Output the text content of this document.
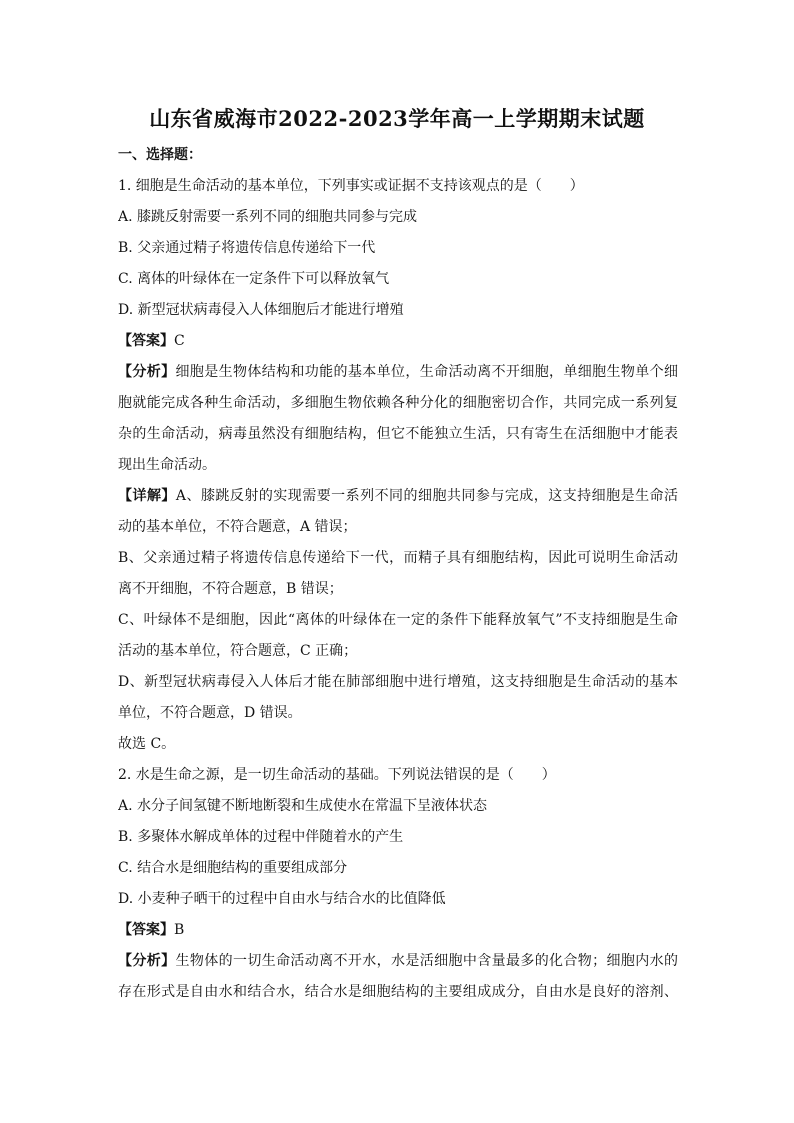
山东省威海市2022-2023学年高一上学期期末试题
一、选择题：
1. 细胞是生命活动的基本单位，下列事实或证据不支持该观点的是（　　）
A. 膝跳反射需要一系列不同的细胞共同参与完成
B. 父亲通过精子将遗传信息传递给下一代
C. 离体的叶绿体在一定条件下可以释放氧气
D. 新型冠状病毒侵入人体细胞后才能进行增殖
【答案】C
【分析】细胞是生物体结构和功能的基本单位，生命活动离不开细胞，单细胞生物单个细
胞就能完成各种生命活动，多细胞生物依赖各种分化的细胞密切合作，共同完成一系列复
杂的生命活动，病毒虽然没有细胞结构，但它不能独立生活，只有寄生在活细胞中才能表
现出生命活动。
【详解】A、膝跳反射的实现需要一系列不同的细胞共同参与完成，这支持细胞是生命活
动的基本单位，不符合题意，A 错误；
B、父亲通过精子将遗传信息传递给下一代，而精子具有细胞结构，因此可说明生命活动
离不开细胞，不符合题意，B 错误；
C、叶绿体不是细胞，因此“离体的叶绿体在一定的条件下能释放氧气”不支持细胞是生命
活动的基本单位，符合题意，C 正确；
D、新型冠状病毒侵入人体后才能在肺部细胞中进行增殖，这支持细胞是生命活动的基本
单位，不符合题意，D 错误。
故选 C。
2. 水是生命之源，是一切生命活动的基础。下列说法错误的是（　　）
A. 水分子间氢键不断地断裂和生成使水在常温下呈液体状态
B. 多聚体水解成单体的过程中伴随着水的产生
C. 结合水是细胞结构的重要组成部分
D. 小麦种子晒干的过程中自由水与结合水的比值降低
【答案】B
【分析】生物体的一切生命活动离不开水，水是活细胞中含量最多的化合物；细胞内水的
存在形式是自由水和结合水，结合水是细胞结构的主要组成成分，自由水是良好的溶剂、
